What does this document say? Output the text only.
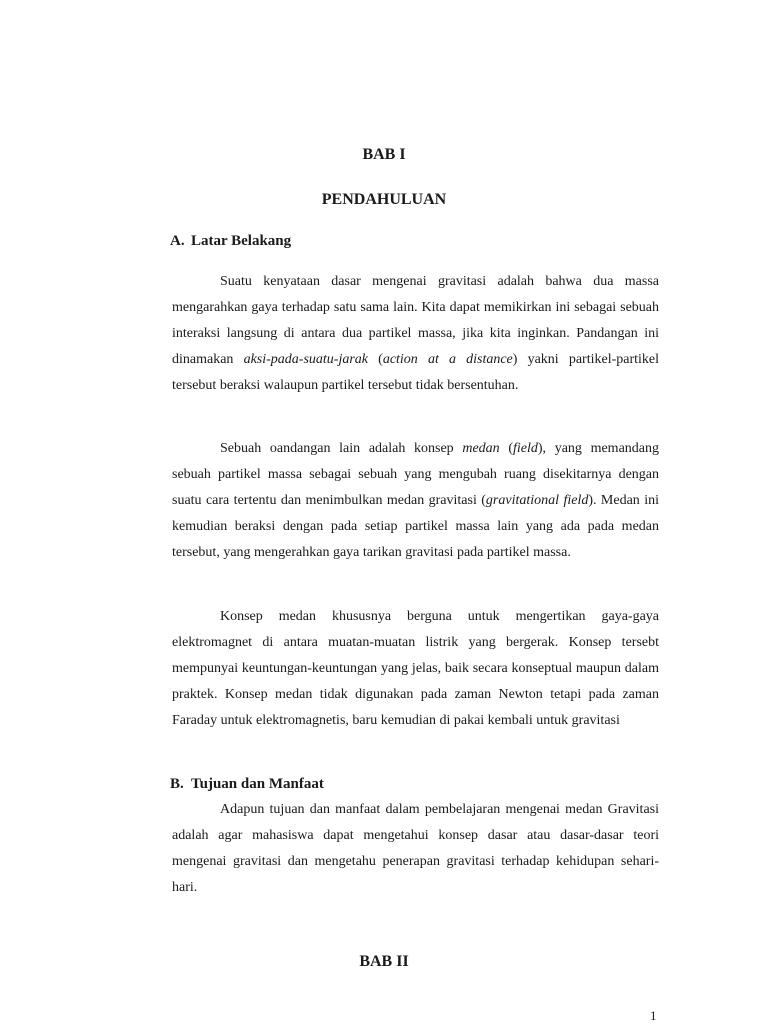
BAB I
PENDAHULUAN
A. Latar Belakang

Suatu kenyataan dasar mengenai gravitasi adalah bahwa dua massa mengarahkan gaya terhadap satu sama lain. Kita dapat memikirkan ini sebagai sebuah interaksi langsung di antara dua partikel massa, jika kita inginkan. Pandangan ini dinamakan aksi-pada-suatu-jarak (action at a distance) yakni partikel-partikel tersebut beraksi walaupun partikel tersebut tidak bersentuhan.

Sebuah oandangan lain adalah konsep medan (field), yang memandang sebuah partikel massa sebagai sebuah yang mengubah ruang disekitarnya dengan suatu cara tertentu dan menimbulkan medan gravitasi (gravitational field). Medan ini kemudian beraksi dengan pada setiap partikel massa lain yang ada pada medan tersebut, yang mengerahkan gaya tarikan gravitasi pada partikel massa.

Konsep medan khususnya berguna untuk mengertikan gaya-gaya elektromagnet di antara muatan-muatan listrik yang bergerak. Konsep tersebt mempunyai keuntungan-keuntungan yang jelas, baik secara konseptual maupun dalam praktek. Konsep medan tidak digunakan pada zaman Newton tetapi pada zaman Faraday untuk elektromagnetis, baru kemudian di pakai kembali untuk gravitasi

B. Tujuan dan Manfaat

Adapun tujuan dan manfaat dalam pembelajaran mengenai medan Gravitasi adalah agar mahasiswa dapat mengetahui konsep dasar atau dasar-dasar teori mengenai gravitasi dan mengetahu penerapan gravitasi terhadap kehidupan sehari-hari.

BAB II
1
